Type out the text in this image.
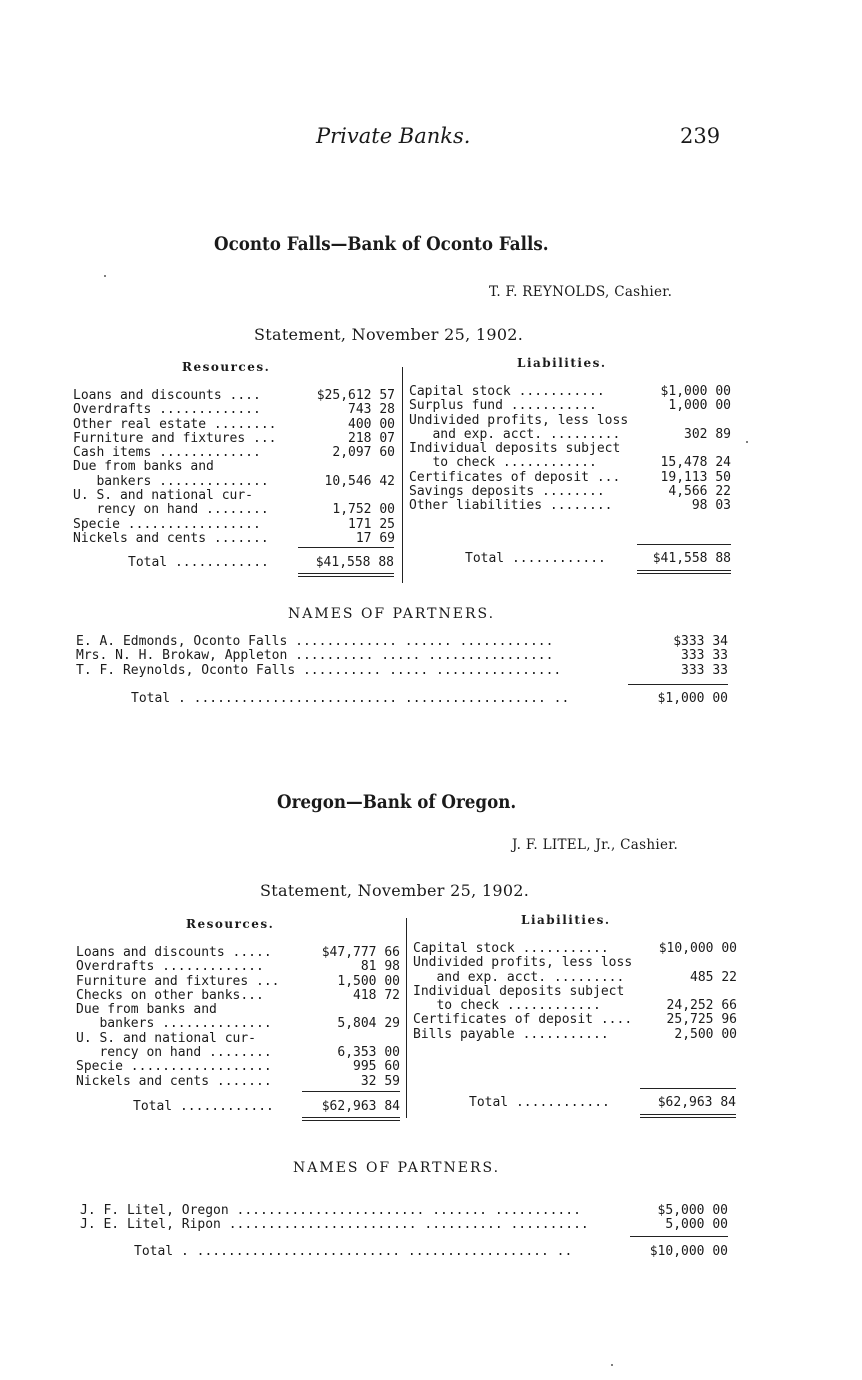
Private Banks.	239
Oconto Falls—Bank of Oconto Falls.
T. F. REYNOLDS, Cashier.
Statement, November 25, 1902.
Resources.	Liabilities.
Loans and discounts ....	$25,612 57
Overdrafts .............	743 28
Other real estate ........	400 00
Furniture and fixtures ...	218 07
Cash items .............	2,097 60
Due from banks and
bankers ..............	10,546 42
U. S. and national cur-
rency on hand ........	1,752 00
Specie .................	171 25
Nickels and cents .......	17 69
Total ............	$41,558 88
Capital stock ...........	$1,000 00
Surplus fund ...........	1,000 00
Undivided profits, less loss
and exp. acct. .........	302 89
Individual deposits subject
to check ............	15,478 24
Certificates of deposit ...	19,113 50
Savings deposits ........	4,566 22
Other liabilities ........	98 03
Total ............	$41,558 88
NAMES OF PARTNERS.
E. A. Edmonds, Oconto Falls ............. ...... ............	$333 34
Mrs. N. H. Brokaw, Appleton .......... ..... ................	333 33
T. F. Reynolds, Oconto Falls .......... ..... ................	333 33
Total . .......................... .................. ..	$1,000 00
Oregon—Bank of Oregon.
J. F. LITEL, Jr., Cashier.
Statement, November 25, 1902.
Resources.	Liabilities.
Loans and discounts .....	$47,777 66
Overdrafts .............	81 98
Furniture and fixtures ...	1,500 00
Checks on other banks...	418 72
Due from banks and
bankers ..............	5,804 29
U. S. and national cur-
rency on hand ........	6,353 00
Specie ..................	995 60
Nickels and cents .......	32 59
Total ............	$62,963 84
Capital stock ...........	$10,000 00
Undivided profits, less loss
and exp. acct. .........	485 22
Individual deposits subject
to check ............	24,252 66
Certificates of deposit ....	25,725 96
Bills payable ...........	2,500 00
Total ............	$62,963 84
NAMES OF PARTNERS.
J. F. Litel, Oregon ........................ ....... ...........	$5,000 00
J. E. Litel, Ripon ........................ .......... ..........	5,000 00
Total . .......................... .................. ..	$10,000 00
